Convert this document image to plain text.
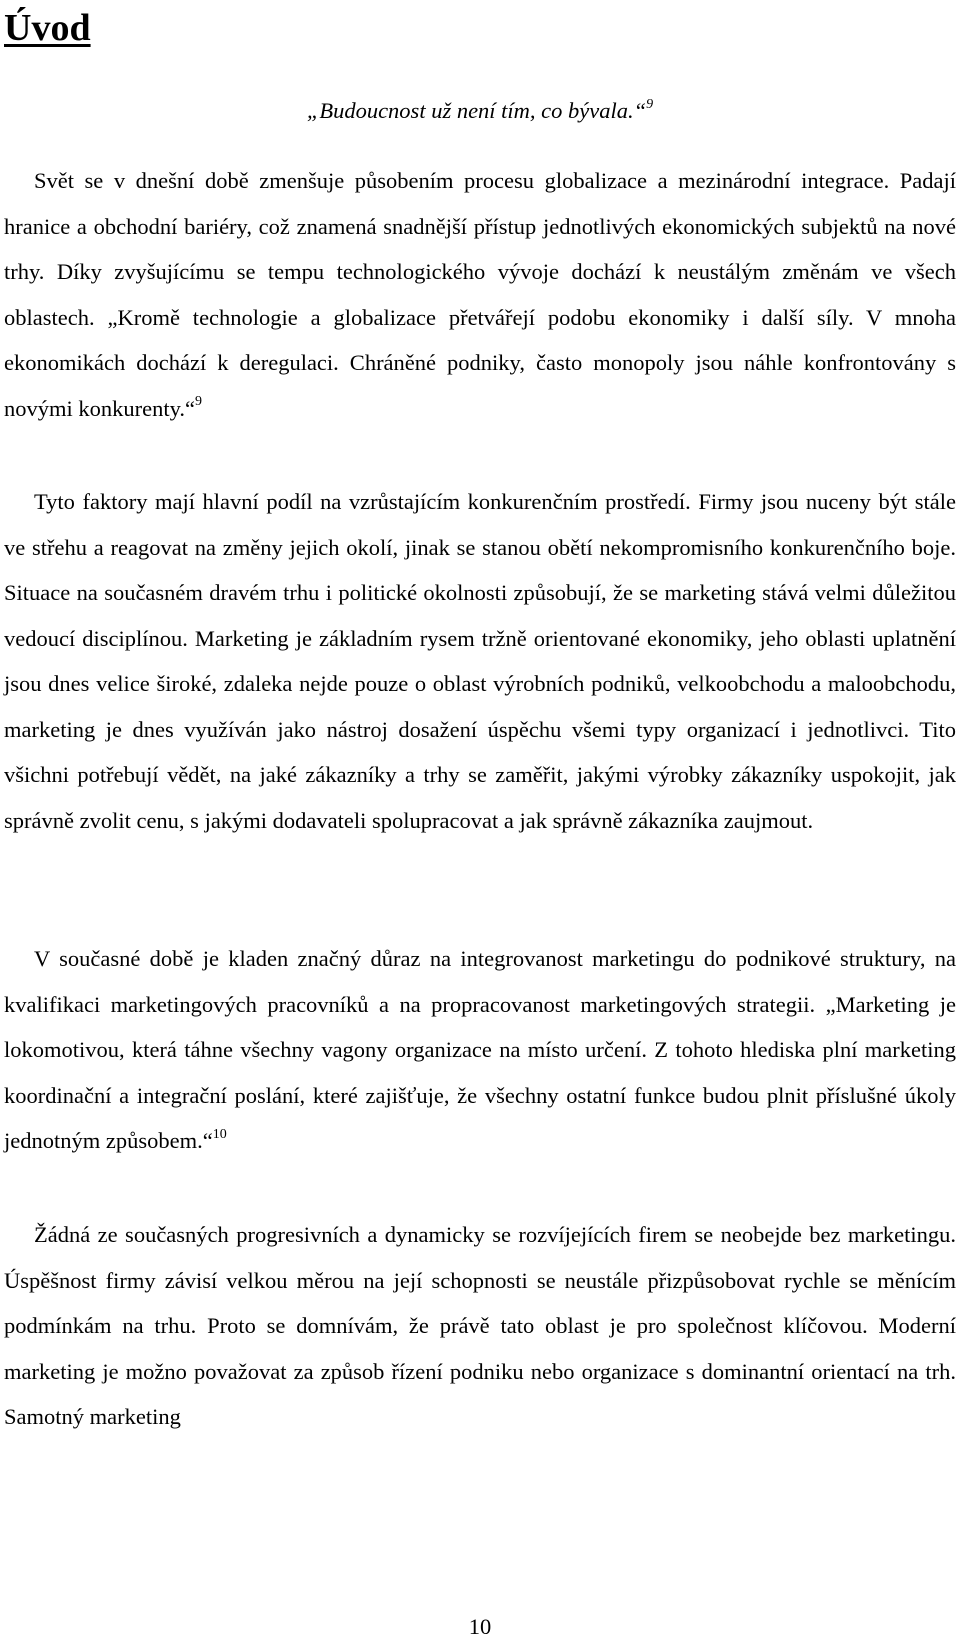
Úvod
„Budoucnost už není tím, co bývala.“$^9$

Svět se v dnešní době zmenšuje působením procesu globalizace a mezinárodní integrace. Padají hranice a obchodní bariéry, což znamená snadnější přístup jednotlivých ekonomických subjektů na nové trhy. Díky zvyšujícímu se tempu technologického vývoje dochází k neustálým změnám ve všech oblastech. „Kromě technologie a globalizace přetvářejí podobu ekonomiky i další síly. V mnoha ekonomikách dochází k deregulaci. Chráněné podniky, často monopoly jsou náhle konfrontovány s novými konkurenty.“$^9$

Tyto faktory mají hlavní podíl na vzrůstajícím konkurenčním prostředí. Firmy jsou nuceny být stále ve střehu a reagovat na změny jejich okolí, jinak se stanou obětí nekompromisního konkurenčního boje. Situace na současném dravém trhu i politické okolnosti způsobují, že se marketing stává velmi důležitou vedoucí disciplínou. Marketing je základním rysem tržně orientované ekonomiky, jeho oblasti uplatnění jsou dnes velice široké, zdaleka nejde pouze o oblast výrobních podniků, velkoobchodu a maloobchodu, marketing je dnes využíván jako nástroj dosažení úspěchu všemi typy organizací i jednotlivci. Tito všichni potřebují vědět, na jaké zákazníky a trhy se zaměřit, jakými výrobky zákazníky uspokojit, jak správně zvolit cenu, s jakými dodavateli spolupracovat a jak správně zákazníka zaujmout.

V současné době je kladen značný důraz na integrovanost marketingu do podnikové struktury, na kvalifikaci marketingových pracovníků a na propracovanost marketingových strategii. „Marketing je lokomotivou, která táhne všechny vagony organizace na místo určení. Z tohoto hlediska plní marketing koordinační a integrační poslání, které zajišťuje, že všechny ostatní funkce budou plnit příslušné úkoly jednotným způsobem.“$^{10}$

Žádná ze současných progresivních a dynamicky se rozvíjejících firem se neobejde bez marketingu. Úspěšnost firmy závisí velkou měrou na její schopnosti se neustále přizpůsobovat rychle se měnícím podmínkám na trhu. Proto se domnívám, že právě tato oblast je pro společnost klíčovou. Moderní marketing je možno považovat za způsob řízení podniku nebo organizace s dominantní orientací na trh. Samotný marketing

10
